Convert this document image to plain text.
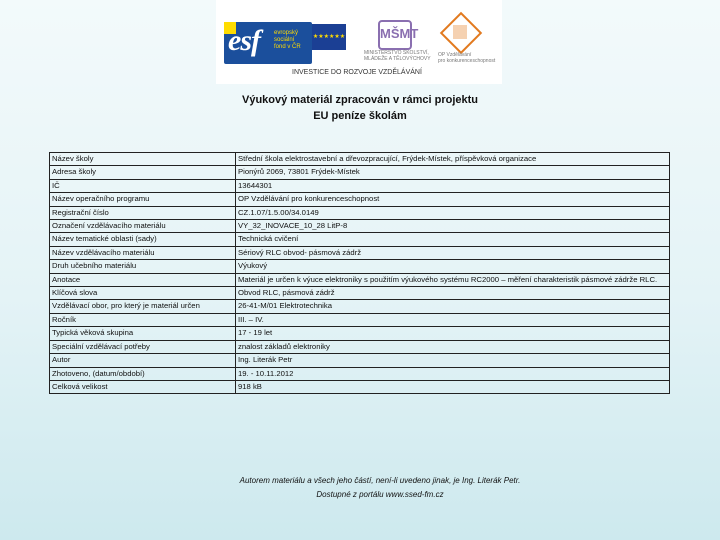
esf evropský
sociální
fond v ČR
★★★★★★	MŠMT
MINISTERSTVO ŠKOLSTVÍ,
MLÁDEŽE A TĚLOVÝCHOVY
OP Vzdělávání
pro konkurenceschopnost
INVESTICE DO ROZVOJE VZDĚLÁVÁNÍ
Výukový materiál zpracován v rámci projektu
EU peníze školám
Název školy	Střední škola elektrostavební a dřevozpracující, Frýdek-Místek, příspěvková organizace
Adresa školy	Pionýrů 2069, 73801 Frýdek-Místek
IČ	13644301
Název operačního programu	OP Vzdělávání pro konkurenceschopnost
Registrační číslo	CZ.1.07/1.5.00/34.0149
Označení vzdělávacího materiálu	VY_32_INOVACE_10_28 LitP-8
Název tematické oblasti (sady)	Technická cvičení
Název vzdělávacího materiálu	Sériový RLC obvod- pásmová zádrž
Druh učebního materiálu	Výukový
Anotace	Materiál je určen k výuce elektroniky s použitím výukového systému RC2000 – měření charakteristik pásmové zádrže RLC.
Klíčová slova	Obvod RLC, pásmová zádrž
Vzdělávací obor, pro který je materiál určen	26-41-M/01 Elektrotechnika
Ročník	III. – IV.
Typická věková skupina	17 - 19 let
Speciální vzdělávací potřeby	znalost základů elektroniky
Autor	Ing. Literák Petr
Zhotoveno, (datum/období)	19. - 10.11.2012
Celková velikost	918 kB
Autorem materiálu a všech jeho částí, není-li uvedeno jinak, je Ing. Literák Petr.
Dostupné z portálu www.ssed-fm.cz
